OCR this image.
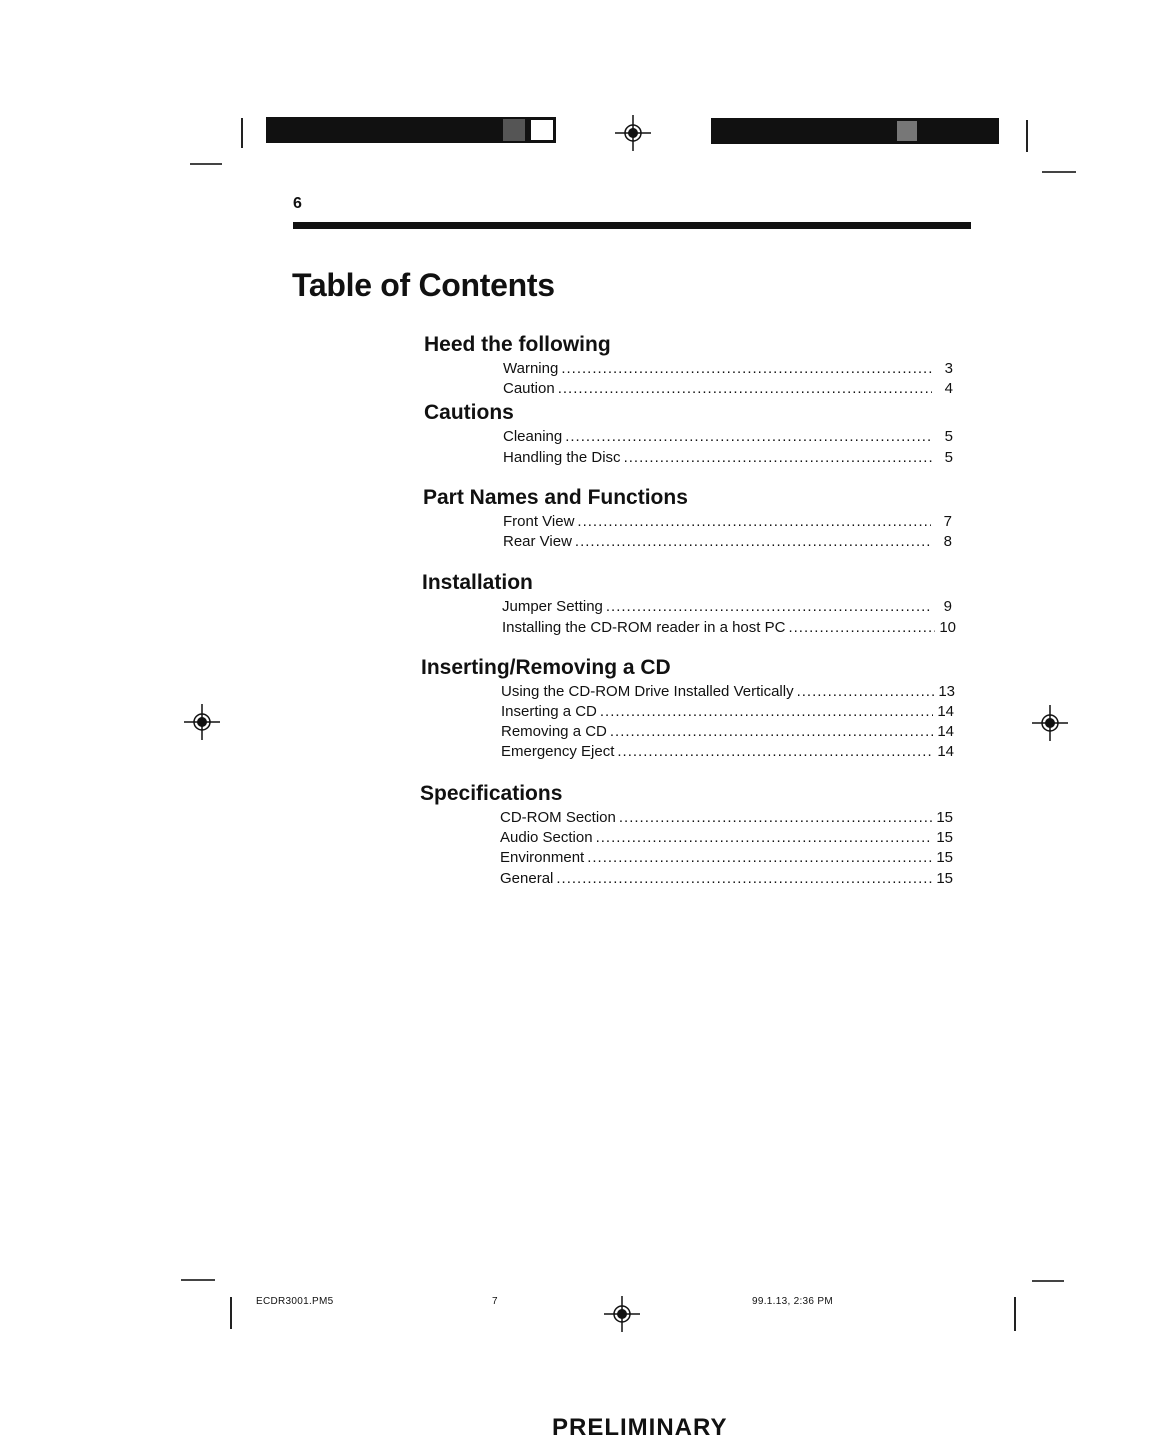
6
Table of Contents
Heed the following
Warning .....	3
Caution .....	4
Cautions
Cleaning .....	5
Handling the Disc .....	5
Part Names and Functions
Front View .....	7
Rear View .....	8
Installation
Jumper Setting .....	9
Installing the CD-ROM reader in a host PC .....	10
Inserting/Removing a CD
Using the CD-ROM Drive Installed Vertically .....	13
Inserting a CD .....	14
Removing a CD .....	14
Emergency Eject .....	14
Specifications
CD-ROM Section .....	15
Audio Section .....	15
Environment .....	15
General .....	15
ECDR3001.PM5	7	99.1.13, 2:36 PM
PRELIMINARY
